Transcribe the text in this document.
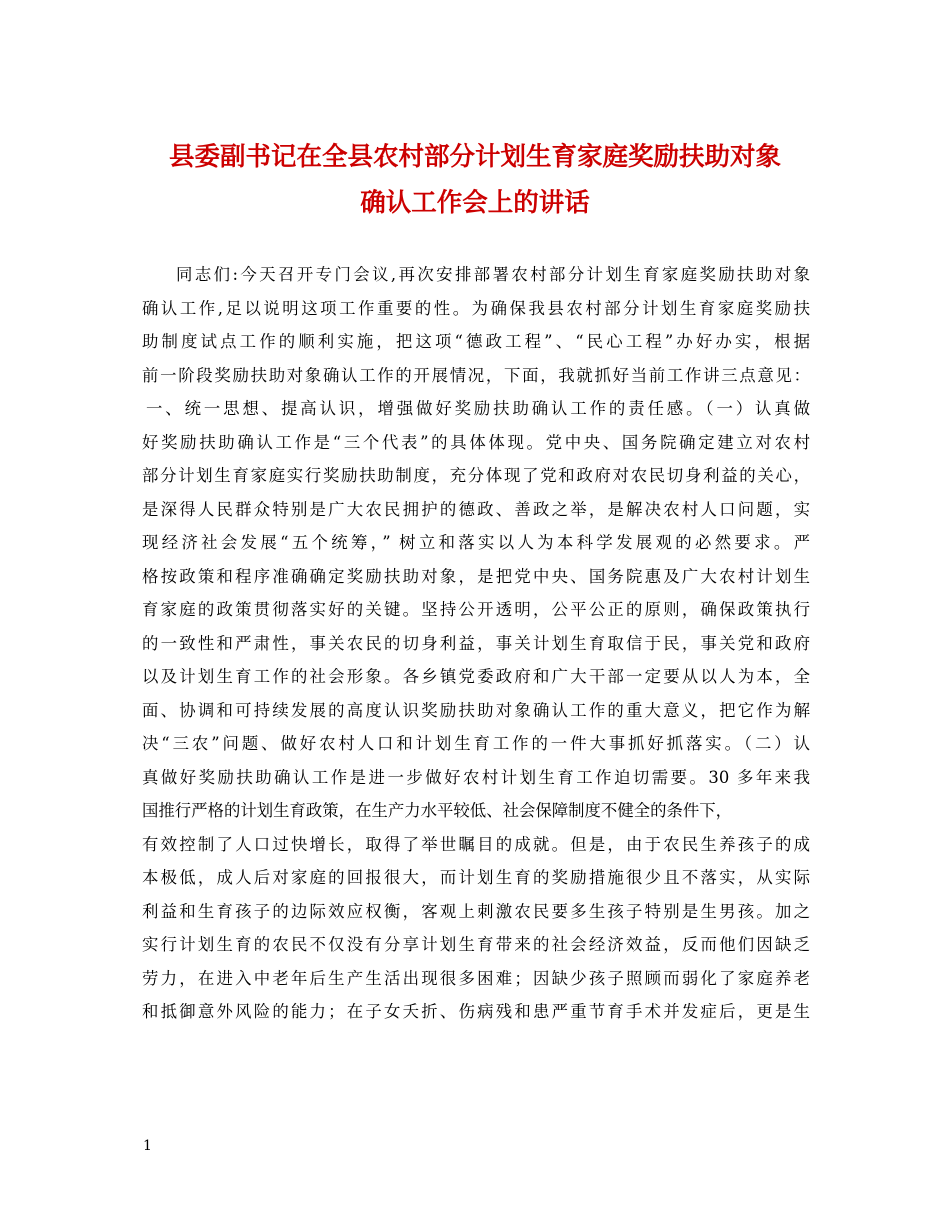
县委副书记在全县农村部分计划生育家庭奖励扶助对象
确认工作会上的讲话
同志们:今天召开专门会议,再次安排部署农村部分计划生育家庭奖励扶助对象
确认工作,足以说明这项工作重要的性。为确保我县农村部分计划生育家庭奖励扶
助制度试点工作的顺利实施，把这项“德政工程”、“民心工程”办好办实，根据
前一阶段奖励扶助对象确认工作的开展情况，下面，我就抓好当前工作讲三点意见：
一、统一思想、提高认识，增强做好奖励扶助确认工作的责任感。（一）认真做
好奖励扶助确认工作是“三个代表”的具体体现。党中央、国务院确定建立对农村
部分计划生育家庭实行奖励扶助制度，充分体现了党和政府对农民切身利益的关心，
是深得人民群众特别是广大农民拥护的德政、善政之举，是解决农村人口问题，实
现经济社会发展“五个统筹，” 树立和落实以人为本科学发展观的必然要求。严
格按政策和程序准确确定奖励扶助对象，是把党中央、国务院惠及广大农村计划生
育家庭的政策贯彻落实好的关键。坚持公开透明，公平公正的原则，确保政策执行
的一致性和严肃性，事关农民的切身利益，事关计划生育取信于民，事关党和政府
以及计划生育工作的社会形象。各乡镇党委政府和广大干部一定要从以人为本，全
面、协调和可持续发展的高度认识奖励扶助对象确认工作的重大意义，把它作为解
决“三农”问题、做好农村人口和计划生育工作的一件大事抓好抓落实。（二）认
真做好奖励扶助确认工作是进一步做好农村计划生育工作迫切需要。30 多年来我
国推行严格的计划生育政策，在生产力水平较低、社会保障制度不健全的条件下，
有效控制了人口过快增长，取得了举世瞩目的成就。但是，由于农民生养孩子的成
本极低，成人后对家庭的回报很大，而计划生育的奖励措施很少且不落实，从实际
利益和生育孩子的边际效应权衡，客观上刺激农民要多生孩子特别是生男孩。加之
实行计划生育的农民不仅没有分享计划生育带来的社会经济效益，反而他们因缺乏
劳力，在进入中老年后生产生活出现很多困难；因缺少孩子照顾而弱化了家庭养老
和抵御意外风险的能力；在子女夭折、伤病残和患严重节育手术并发症后，更是生
1
